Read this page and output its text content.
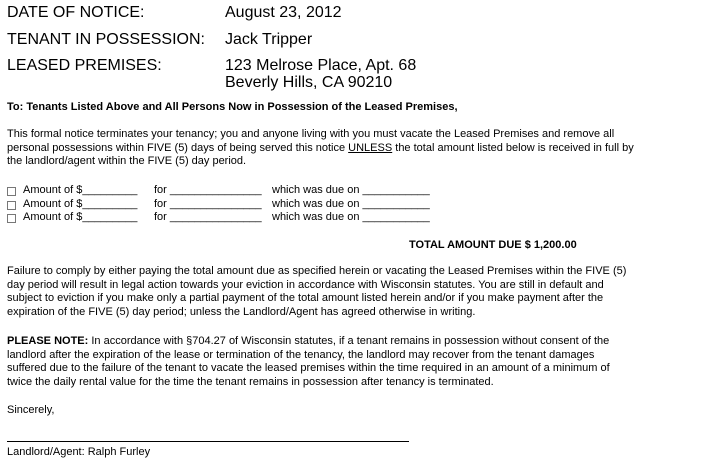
DATE OF NOTICE:	August 23, 2012
TENANT IN POSSESSION: Jack Tripper
LEASED PREMISES:	123 Melrose Place, Apt. 68
Beverly Hills, CA 90210
To: Tenants Listed Above and All Persons Now in Possession of the Leased Premises,
This formal notice terminates your tenancy; you and anyone living with you must vacate the Leased Premises and remove all
personal possessions within FIVE (5) days of being served this notice UNLESS the total amount listed below is received in full by
the landlord/agent within the FIVE (5) day period.
Amount of $_________ for _______________ which was due on ___________
Amount of $_________ for _______________ which was due on ___________
Amount of $_________ for _______________ which was due on ___________
TOTAL AMOUNT DUE $ 1,200.00
Failure to comply by either paying the total amount due as specified herein or vacating the Leased Premises within the FIVE (5)
day period will result in legal action towards your eviction in accordance with Wisconsin statutes. You are still in default and
subject to eviction if you make only a partial payment of the total amount listed herein and/or if you make payment after the
expiration of the FIVE (5) day period; unless the Landlord/Agent has agreed otherwise in writing.
PLEASE NOTE: In accordance with §704.27 of Wisconsin statutes, if a tenant remains in possession without consent of the
landlord after the expiration of the lease or termination of the tenancy, the landlord may recover from the tenant damages
suffered due to the failure of the tenant to vacate the leased premises within the time required in an amount of a minimum of
twice the daily rental value for the time the tenant remains in possession after tenancy is terminated.
Sincerely,
Landlord/Agent: Ralph Furley
